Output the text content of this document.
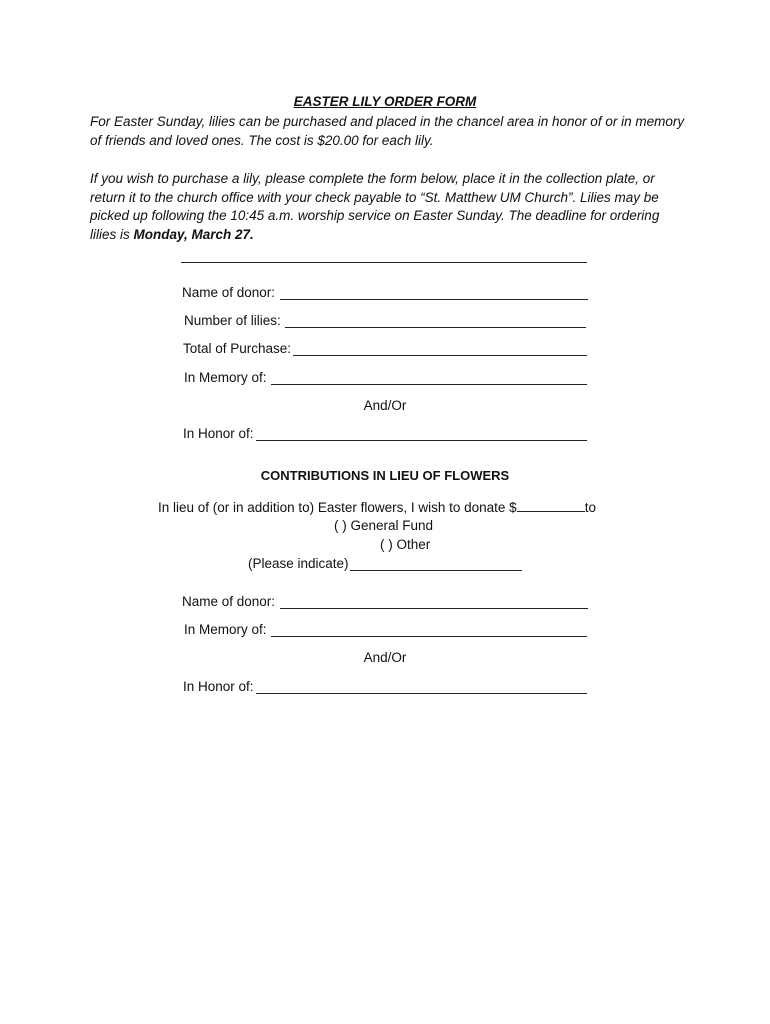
EASTER LILY ORDER FORM
For Easter Sunday, lilies can be purchased and placed in the chancel area in honor of or in memory of friends and loved ones. The cost is $20.00 for each lily.
If you wish to purchase a lily, please complete the form below, place it in the collection plate, or return it to the church office with your check payable to “St. Matthew UM Church”. Lilies may be picked up following the 10:45 a.m. worship service on Easter Sunday. The deadline for ordering lilies is Monday, March 27.
Name of donor:
Number of lilies:
Total of Purchase:
In Memory of:
And/Or
In Honor of:
CONTRIBUTIONS IN LIEU OF FLOWERS
In lieu of (or in addition to) Easter flowers, I wish to donate $	to
( ) General Fund
( ) Other
(Please indicate)
Name of donor:
In Memory of:
And/Or
In Honor of:
